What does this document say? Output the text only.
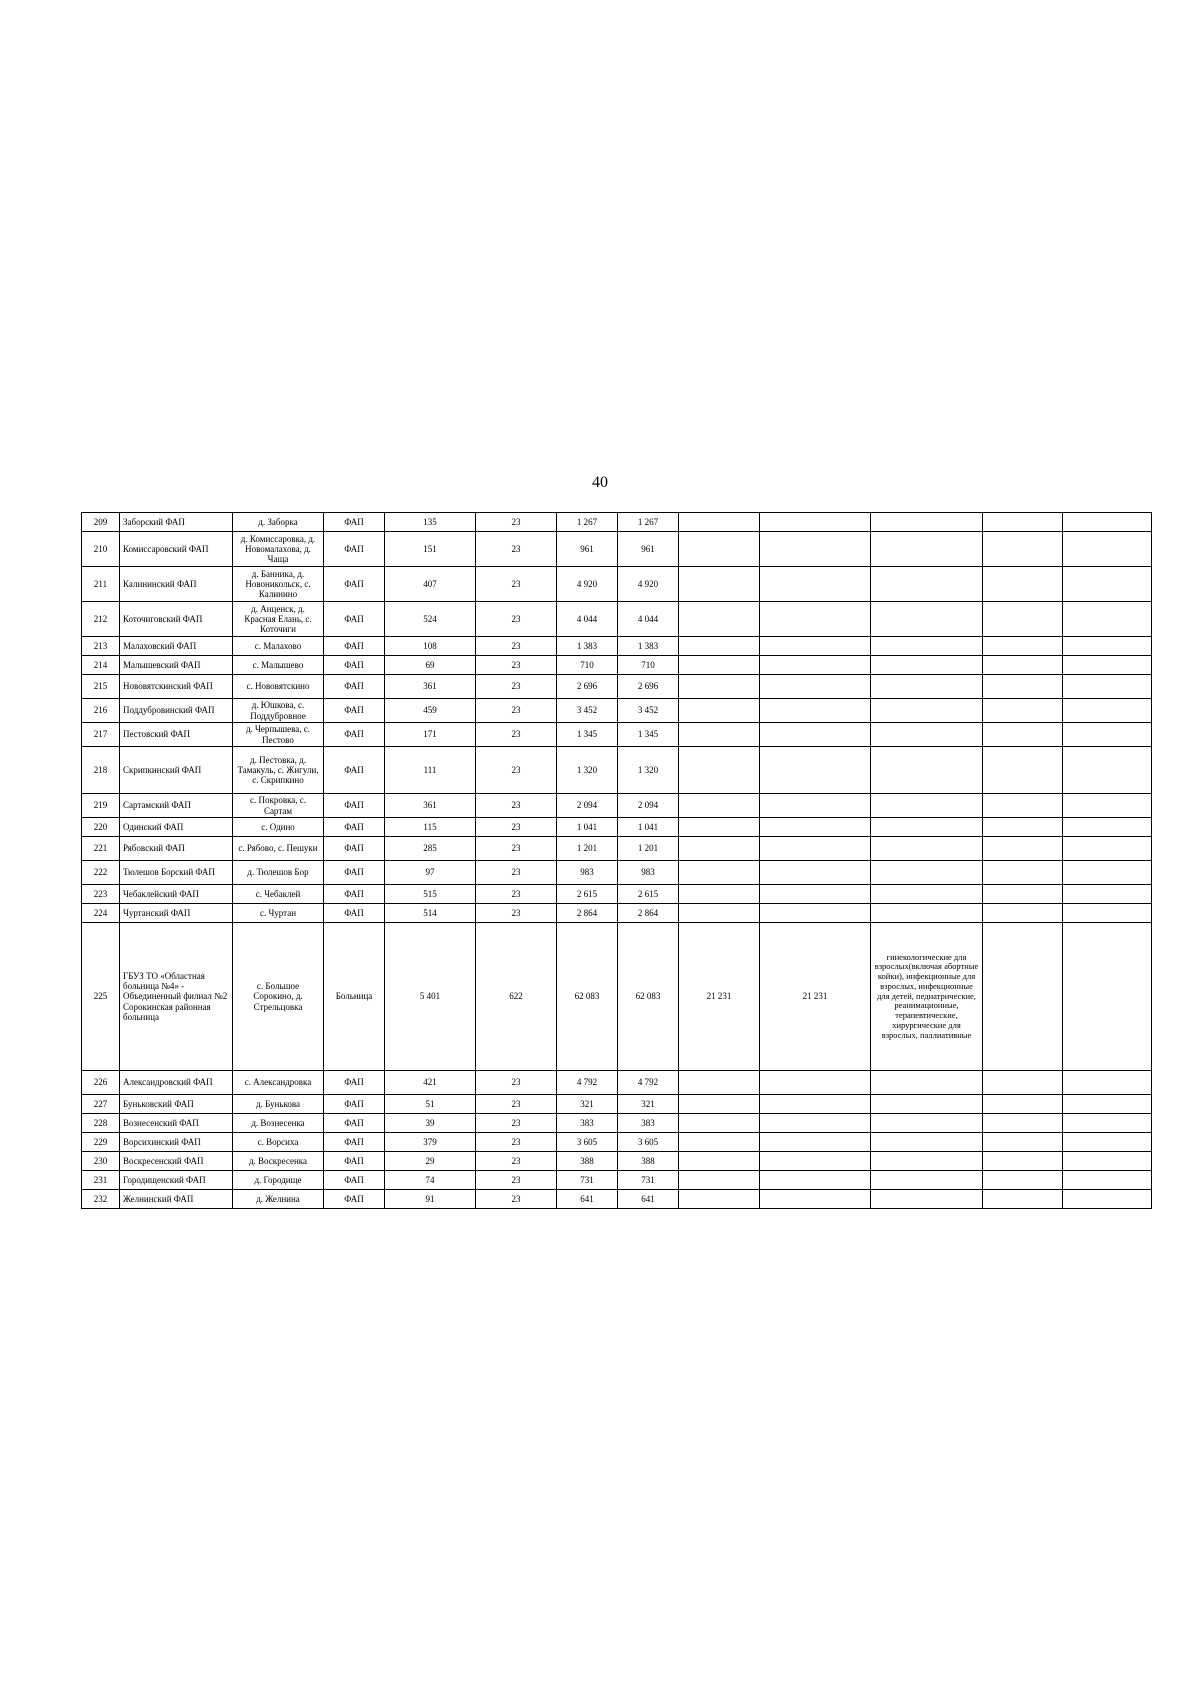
40
209	Заборский ФАП	д. Заборка	ФАП	135	23	1 267	1 267					
210	Комиссаровский ФАП	д. Комиссаровка, д. Новомалахова, д. Чаща	ФАП	151	23	961	961					
211	Калининский ФАП	д. Банникa, д. Новоникольск, с. Калинино	ФАП	407	23	4 920	4 920					
212	Коточиговский ФАП	д. Анценск, д. Красная Елань, с. Коточиги	ФАП	524	23	4 044	4 044					
213	Малаховский ФАП	с. Малахово	ФАП	108	23	1 383	1 383					
214	Малышевский ФАП	с. Малышево	ФАП	69	23	710	710					
215	Нововятскинский ФАП	с. Нововятскино	ФАП	361	23	2 696	2 696					
216	Поддубровинский ФАП	д. Юшкова, с. Поддубровное	ФАП	459	23	3 452	3 452					
217	Пестовский ФАП	д. Черпышева, с. Пестово	ФАП	171	23	1 345	1 345					
218	Скрипкинский ФАП	д. Пестовка, д. Тамакуль, с. Жигули, с. Скрипкино	ФАП	111	23	1 320	1 320					
219	Сартамский ФАП	с. Покровка, с. Сартам	ФАП	361	23	2 094	2 094					
220	Одинский ФАП	с. Одино	ФАП	115	23	1 041	1 041					
221	Рябовский ФАП	с. Рябово, с. Пешуки	ФАП	285	23	1 201	1 201					
222	Тюлешов Борский ФАП	д. Тюлешов Бор	ФАП	97	23	983	983					
223	Чебаклейский ФАП	с. Чебаклей	ФАП	515	23	2 615	2 615					
224	Чуртанский ФАП	с. Чуртан	ФАП	514	23	2 864	2 864					
225	ГБУЗ ТО «Областная больница №4» - Объединенный филиал №2 Сорокинская районная больница	с. Большое Сорокино, д. Стрельцовка	Больница	5 401	622	62 083	62 083	21 231	21 231	гинекологические для взрослых(включая абортные койки), инфекционные для взрослых, инфекционные для детей, педиатрические, реанимационные, терапевтические, хирургические для взрослых, паллиативные		
226	Александровский ФАП	с. Александровка	ФАП	421	23	4 792	4 792					
227	Буньковский ФАП	д. Бунькова	ФАП	51	23	321	321					
228	Вознесенский ФАП	д. Вознесенка	ФАП	39	23	383	383					
229	Ворсихинский ФАП	с. Ворсиха	ФАП	379	23	3 605	3 605					
230	Воскресенский ФАП	д. Воскресенка	ФАП	29	23	388	388					
231	Городищенский ФАП	д. Городище	ФАП	74	23	731	731					
232	Желнинский ФАП	д. Желнина	ФАП	91	23	641	641					
